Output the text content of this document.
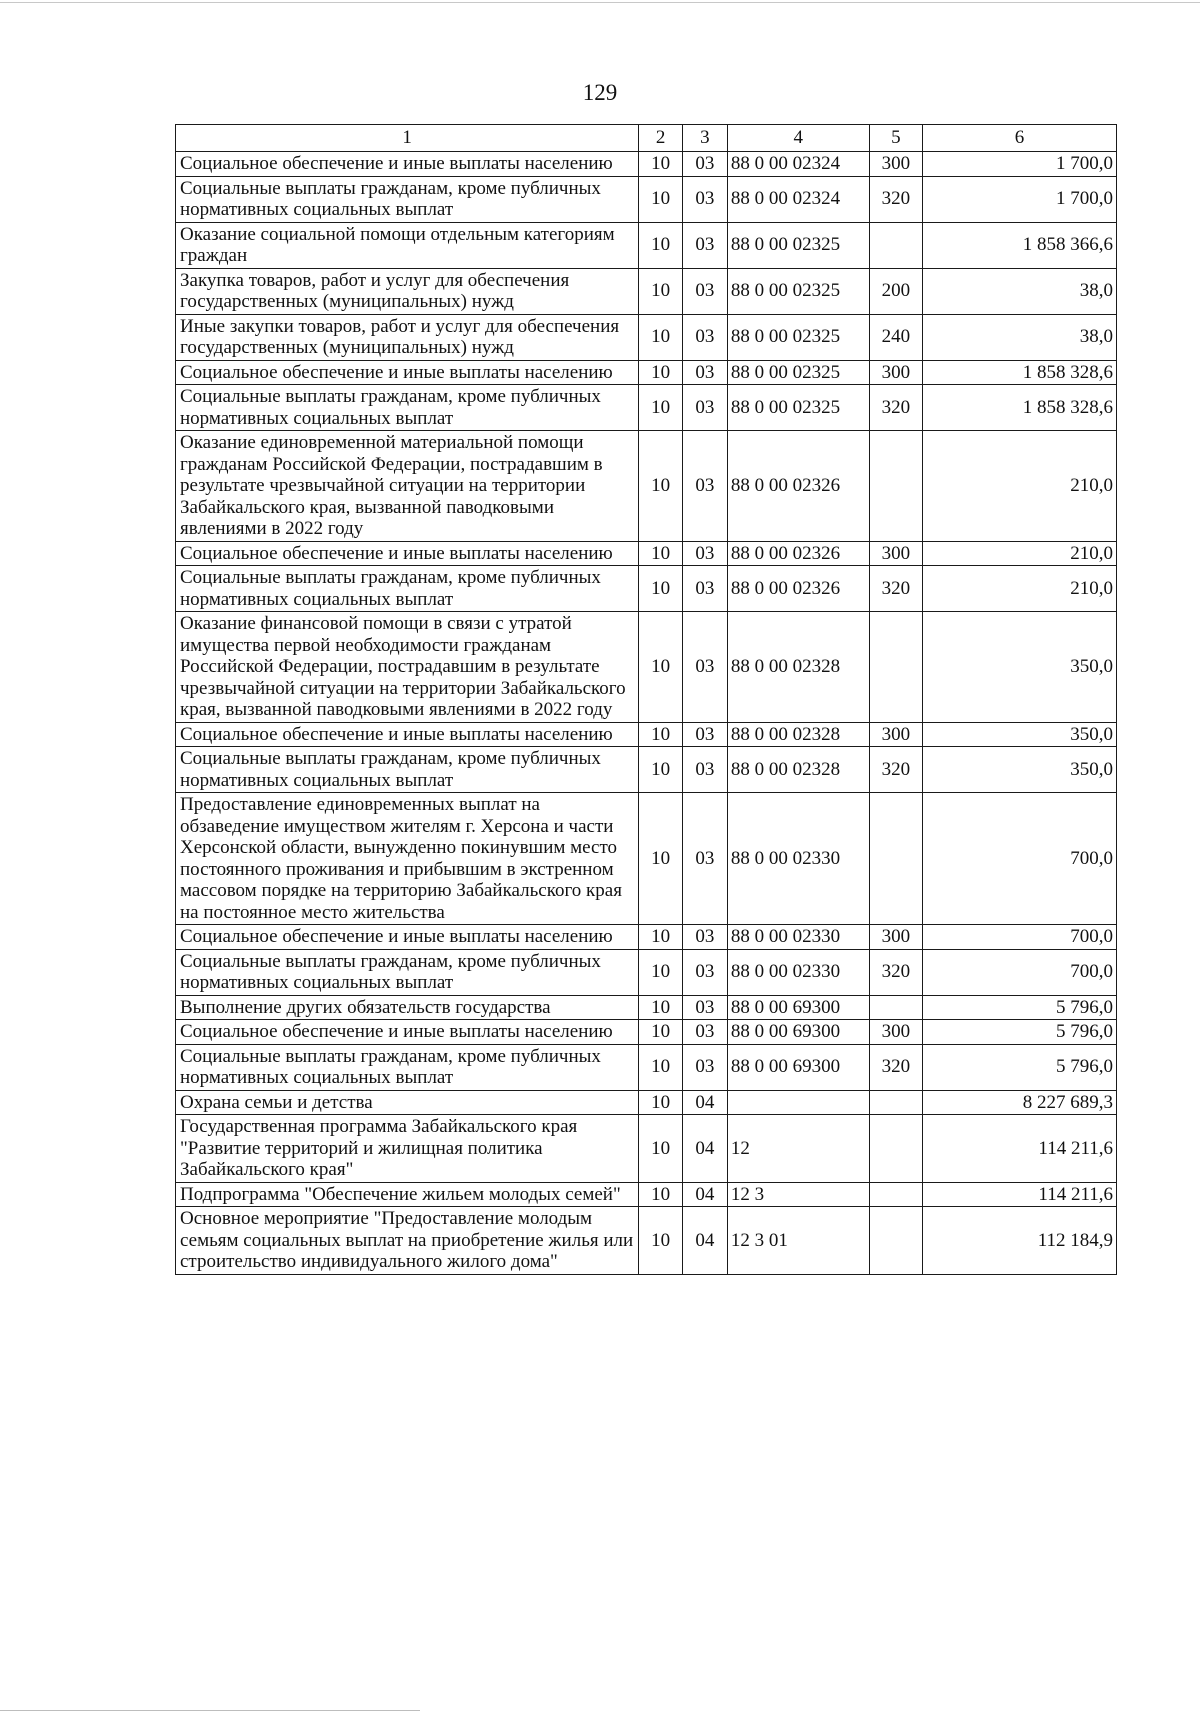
129
1	2	3	4	5	6
Социальное обеспечение и иные выплаты населению	10	03	88 0 00 02324	300	1 700,0
Социальные выплаты гражданам, кроме публичных нормативных социальных выплат	10	03	88 0 00 02324	320	1 700,0
Оказание социальной помощи отдельным категориям граждан	10	03	88 0 00 02325		1 858 366,6
Закупка товаров, работ и услуг для обеспечения государственных (муниципальных) нужд	10	03	88 0 00 02325	200	38,0
Иные закупки товаров, работ и услуг для обеспечения государственных (муниципальных) нужд	10	03	88 0 00 02325	240	38,0
Социальное обеспечение и иные выплаты населению	10	03	88 0 00 02325	300	1 858 328,6
Социальные выплаты гражданам, кроме публичных нормативных социальных выплат	10	03	88 0 00 02325	320	1 858 328,6
Оказание единовременной материальной помощи гражданам Российской Федерации, пострадавшим в результате чрезвычайной ситуации на территории Забайкальского края, вызванной паводковыми явлениями в 2022 году	10	03	88 0 00 02326		210,0
Социальное обеспечение и иные выплаты населению	10	03	88 0 00 02326	300	210,0
Социальные выплаты гражданам, кроме публичных нормативных социальных выплат	10	03	88 0 00 02326	320	210,0
Оказание финансовой помощи в связи с утратой имущества первой необходимости гражданам Российской Федерации, пострадавшим в результате чрезвычайной ситуации на территории Забайкальского края, вызванной паводковыми явлениями в 2022 году	10	03	88 0 00 02328		350,0
Социальное обеспечение и иные выплаты населению	10	03	88 0 00 02328	300	350,0
Социальные выплаты гражданам, кроме публичных нормативных социальных выплат	10	03	88 0 00 02328	320	350,0
Предоставление единовременных выплат на обзаведение имуществом жителям г. Херсона и части Херсонской области, вынужденно покинувшим место постоянного проживания и прибывшим в экстренном массовом порядке на территорию Забайкальского края на постоянное место жительства	10	03	88 0 00 02330		700,0
Социальное обеспечение и иные выплаты населению	10	03	88 0 00 02330	300	700,0
Социальные выплаты гражданам, кроме публичных нормативных социальных выплат	10	03	88 0 00 02330	320	700,0
Выполнение других обязательств государства	10	03	88 0 00 69300		5 796,0
Социальное обеспечение и иные выплаты населению	10	03	88 0 00 69300	300	5 796,0
Социальные выплаты гражданам, кроме публичных нормативных социальных выплат	10	03	88 0 00 69300	320	5 796,0
Охрана семьи и детства	10	04			8 227 689,3
Государственная программа Забайкальского края "Развитие территорий и жилищная политика Забайкальского края"	10	04	12		114 211,6
Подпрограмма "Обеспечение жильем молодых семей"	10	04	12 3		114 211,6
Основное мероприятие "Предоставление молодым семьям социальных выплат на приобретение жилья или строительство индивидуального жилого дома"	10	04	12 3 01		112 184,9
